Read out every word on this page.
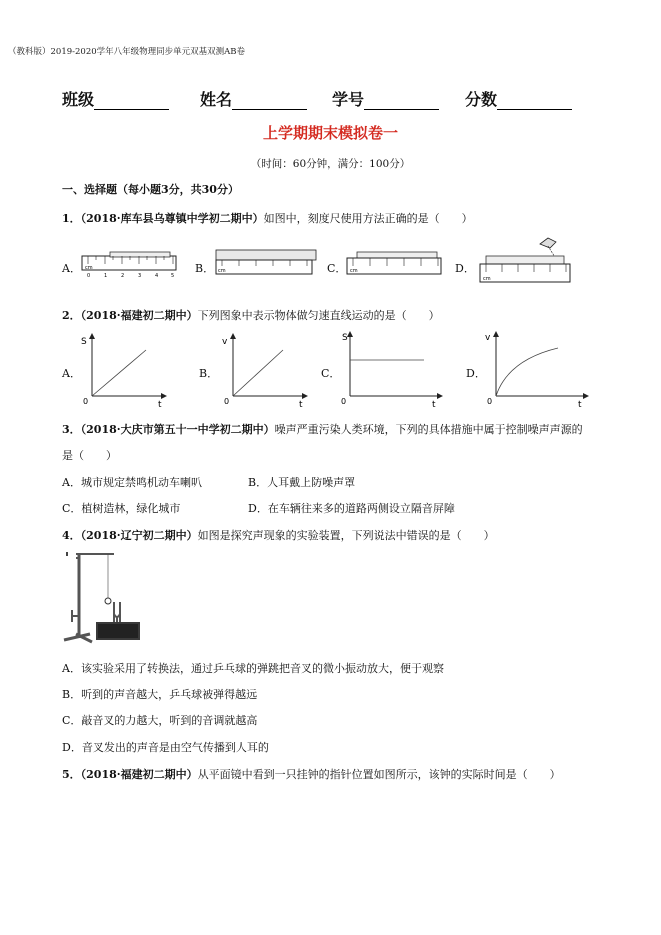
（教科版）2019-2020学年八年级物理同步单元双基双测AB卷
班级	姓名	学号	分数
上学期期末模拟卷一
（时间：60分钟，满分：100分）
一、选择题（每小题3分，共30分）
1．（2018·库车县乌尊镇中学初二期中）如图中，刻度尺使用方法正确的是（　　）
A．	B．	C．	D．
cm
0	1	2	3	4	5
cm	cm
cm
2．（2018·福建初二期中）下列图象中表示物体做匀速直线运动的是（　　）
A．	B．	C．	D．
S
t
0
v
t
0
S
t
0
v
t
0
3．（2018·大庆市第五十一中学初二期中）噪声严重污染人类环境，下列的具体措施中属于控制噪声声源的
是（　　）
A．城市规定禁鸣机动车喇叭	B．人耳戴上防噪声罩
C．植树造林，绿化城市	D．在车辆往来多的道路两侧设立隔音屏障
4．（2018·辽宁初二期中）如图是探究声现象的实验装置，下列说法中错误的是（　　）
A．该实验采用了转换法，通过乒乓球的弹跳把音叉的微小振动放大，便于观察
B．听到的声音越大，乒乓球被弹得越远
C．敲音叉的力越大，听到的音调就越高
D．音叉发出的声音是由空气传播到人耳的
5．（2018·福建初二期中）从平面镜中看到一只挂钟的指针位置如图所示，该钟的实际时间是（　　）
